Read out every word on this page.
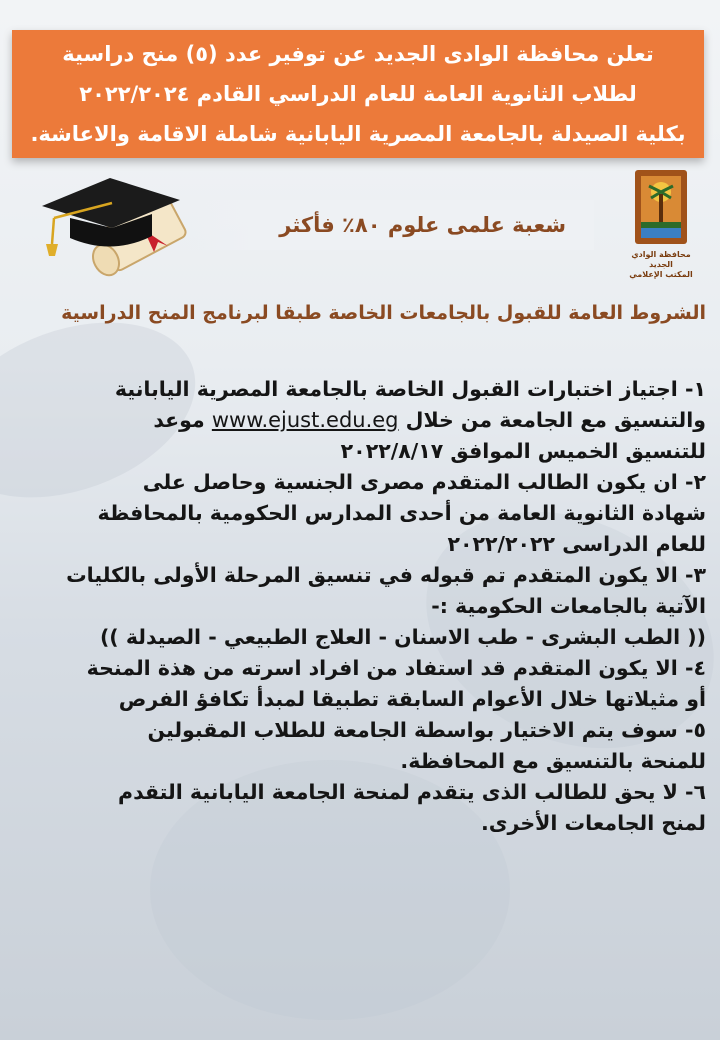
تعلن محافظة الوادى الجديد عن توفير عدد (٥) منح دراسية
لطلاب الثانوية العامة للعام الدراسي القادم ٢٠٢٢/٢٠٢٤
بكلية الصيدلة بالجامعة المصرية اليابانية شاملة الاقامة والاعاشة.
شعبة علمى علوم ٨٠٪ فأكثر
محافظة الوادي الجديد
المكتب الإعلامي
الشروط العامة للقبول بالجامعات الخاصة طبقا لبرنامج المنح الدراسية
١- اجتياز اختبارات القبول الخاصة بالجامعة المصرية اليابانية
والتنسيق مع الجامعة من خلال www.ejust.edu.eg موعد
للتنسيق الخميس الموافق ٢٠٢٢/٨/١٧
٢- ان يكون الطالب المتقدم مصرى الجنسية وحاصل على
شهادة الثانوية العامة من أحدى المدارس الحكومية بالمحافظة
للعام الدراسى ٢٠٢٢/٢٠٢٢
٣- الا يكون المتقدم تم قبوله في تنسيق المرحلة الأولى بالكليات
الآتية بالجامعات الحكومية :-
(( الطب البشرى - طب الاسنان - العلاج الطبيعي - الصيدلة ))
٤- الا يكون المتقدم قد استفاد من افراد اسرته من هذة المنحة
أو مثيلاتها خلال الأعوام السابقة تطبيقا لمبدأ تكافؤ الفرص
٥- سوف يتم الاختيار بواسطة الجامعة للطلاب المقبولين
للمنحة بالتنسيق مع المحافظة.
٦- لا يحق للطالب الذى يتقدم لمنحة الجامعة اليابانية التقدم
لمنح الجامعات الأخرى.
